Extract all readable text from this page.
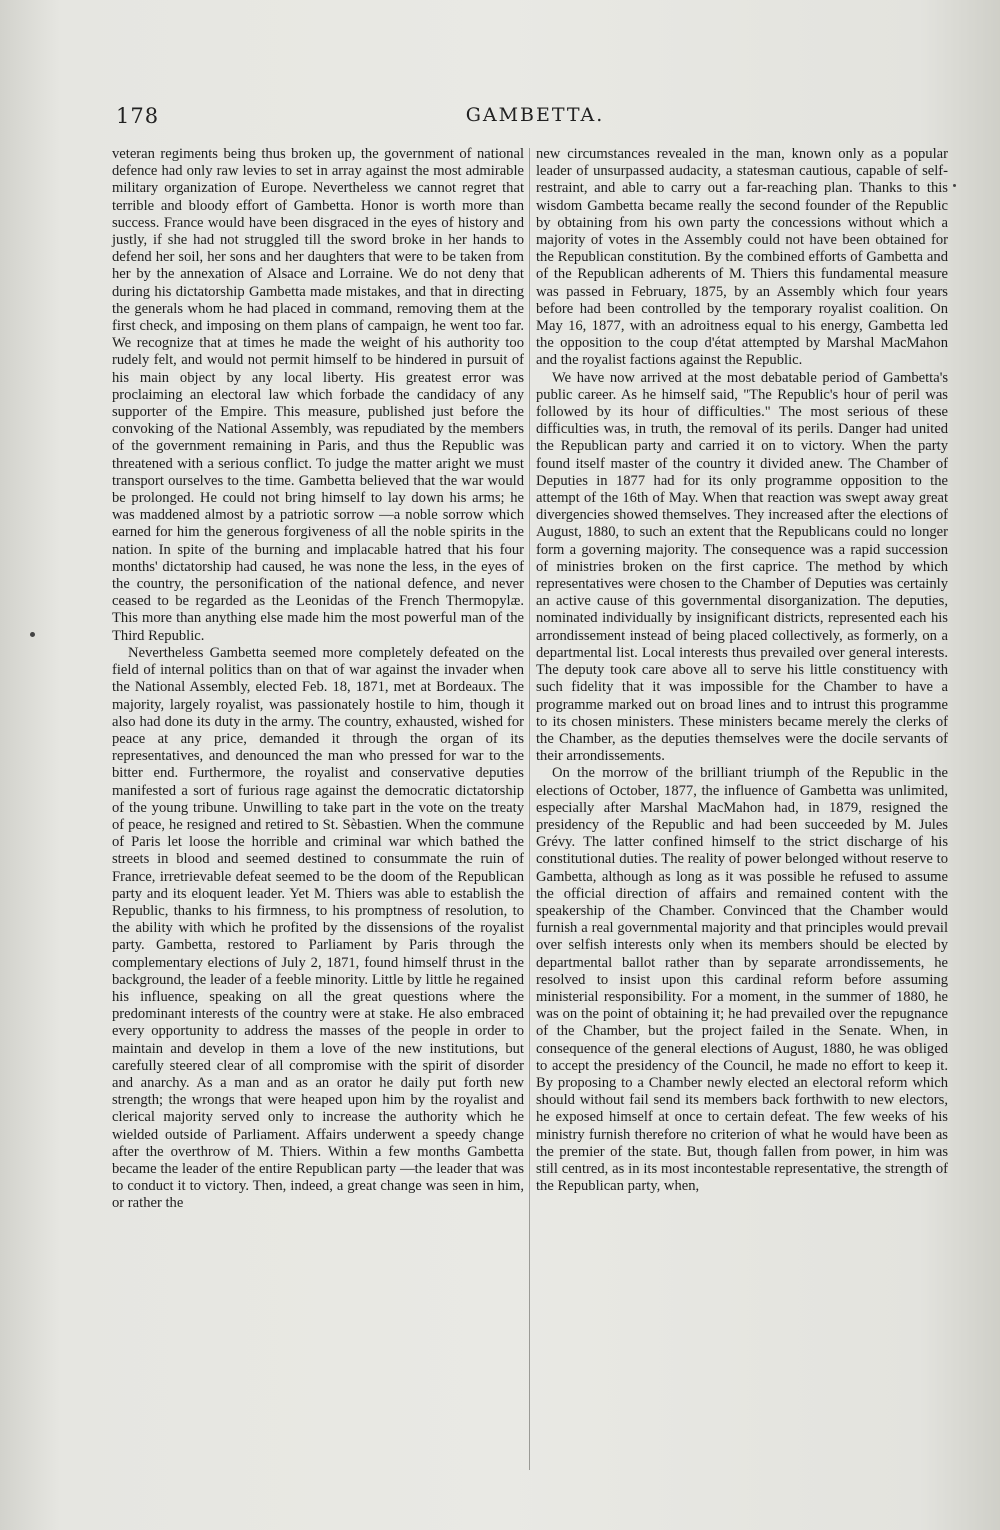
178	GAMBETTA.

veteran regiments being thus broken up, the government of national defence had only raw levies to set in array against the most admirable military organization of Europe. Nevertheless we cannot regret that terrible and bloody effort of Gambetta. Honor is worth more than success. France would have been disgraced in the eyes of history and justly, if she had not struggled till the sword broke in her hands to defend her soil, her sons and her daughters that were to be taken from her by the annexation of Alsace and Lorraine. We do not deny that during his dictatorship Gambetta made mistakes, and that in directing the generals whom he had placed in command, removing them at the first check, and imposing on them plans of campaign, he went too far. We recognize that at times he made the weight of his authority too rudely felt, and would not permit himself to be hindered in pursuit of his main object by any local liberty. His greatest error was proclaiming an electoral law which forbade the candidacy of any supporter of the Empire. This measure, published just before the convoking of the National Assembly, was repudiated by the members of the government remaining in Paris, and thus the Republic was threatened with a serious conflict. To judge the matter aright we must transport ourselves to the time. Gambetta believed that the war would be prolonged. He could not bring himself to lay down his arms; he was maddened almost by a patriotic sorrow —a noble sorrow which earned for him the generous forgiveness of all the noble spirits in the nation. In spite of the burning and implacable hatred that his four months' dictatorship had caused, he was none the less, in the eyes of the country, the personification of the national defence, and never ceased to be regarded as the Leonidas of the French Thermopylæ. This more than anything else made him the most powerful man of the Third Republic.

Nevertheless Gambetta seemed more completely defeated on the field of internal politics than on that of war against the invader when the National Assembly, elected Feb. 18, 1871, met at Bordeaux. The majority, largely royalist, was passionately hostile to him, though it also had done its duty in the army. The country, exhausted, wished for peace at any price, demanded it through the organ of its representatives, and denounced the man who pressed for war to the bitter end. Furthermore, the royalist and conservative deputies manifested a sort of furious rage against the democratic dictatorship of the young tribune. Unwilling to take part in the vote on the treaty of peace, he resigned and retired to St. Sèbastien. When the commune of Paris let loose the horrible and criminal war which bathed the streets in blood and seemed destined to consummate the ruin of France, irretrievable defeat seemed to be the doom of the Republican party and its eloquent leader. Yet M. Thiers was able to establish the Republic, thanks to his firmness, to his promptness of resolution, to the ability with which he profited by the dissensions of the royalist party. Gambetta, restored to Parliament by Paris through the complementary elections of July 2, 1871, found himself thrust in the background, the leader of a feeble minority. Little by little he regained his influence, speaking on all the great questions where the predominant interests of the country were at stake. He also embraced every opportunity to address the masses of the people in order to maintain and develop in them a love of the new institutions, but carefully steered clear of all compromise with the spirit of disorder and anarchy. As a man and as an orator he daily put forth new strength; the wrongs that were heaped upon him by the royalist and clerical majority served only to increase the authority which he wielded outside of Parliament. Affairs underwent a speedy change after the overthrow of M. Thiers. Within a few months Gambetta became the leader of the entire Republican party —the leader that was to conduct it to victory. Then, indeed, a great change was seen in him, or rather the

new circumstances revealed in the man, known only as a popular leader of unsurpassed audacity, a statesman cautious, capable of self-restraint, and able to carry out a far-reaching plan. Thanks to this wisdom Gambetta became really the second founder of the Republic by obtaining from his own party the concessions without which a majority of votes in the Assembly could not have been obtained for the Republican constitution. By the combined efforts of Gambetta and of the Republican adherents of M. Thiers this fundamental measure was passed in February, 1875, by an Assembly which four years before had been controlled by the temporary royalist coalition. On May 16, 1877, with an adroitness equal to his energy, Gambetta led the opposition to the coup d'état attempted by Marshal MacMahon and the royalist factions against the Republic.

We have now arrived at the most debatable period of Gambetta's public career. As he himself said, "The Republic's hour of peril was followed by its hour of difficulties." The most serious of these difficulties was, in truth, the removal of its perils. Danger had united the Republican party and carried it on to victory. When the party found itself master of the country it divided anew. The Chamber of Deputies in 1877 had for its only programme opposition to the attempt of the 16th of May. When that reaction was swept away great divergencies showed themselves. They increased after the elections of August, 1880, to such an extent that the Republicans could no longer form a governing majority. The consequence was a rapid succession of ministries broken on the first caprice. The method by which representatives were chosen to the Chamber of Deputies was certainly an active cause of this governmental disorganization. The deputies, nominated individually by insignificant districts, represented each his arrondissement instead of being placed collectively, as formerly, on a departmental list. Local interests thus prevailed over general interests. The deputy took care above all to serve his little constituency with such fidelity that it was impossible for the Chamber to have a programme marked out on broad lines and to intrust this programme to its chosen ministers. These ministers became merely the clerks of the Chamber, as the deputies themselves were the docile servants of their arrondissements.

On the morrow of the brilliant triumph of the Republic in the elections of October, 1877, the influence of Gambetta was unlimited, especially after Marshal MacMahon had, in 1879, resigned the presidency of the Republic and had been succeeded by M. Jules Grévy. The latter confined himself to the strict discharge of his constitutional duties. The reality of power belonged without reserve to Gambetta, although as long as it was possible he refused to assume the official direction of affairs and remained content with the speakership of the Chamber. Convinced that the Chamber would furnish a real governmental majority and that principles would prevail over selfish interests only when its members should be elected by departmental ballot rather than by separate arrondissements, he resolved to insist upon this cardinal reform before assuming ministerial responsibility. For a moment, in the summer of 1880, he was on the point of obtaining it; he had prevailed over the repugnance of the Chamber, but the project failed in the Senate. When, in consequence of the general elections of August, 1880, he was obliged to accept the presidency of the Council, he made no effort to keep it. By proposing to a Chamber newly elected an electoral reform which should without fail send its members back forthwith to new electors, he exposed himself at once to certain defeat. The few weeks of his ministry furnish therefore no criterion of what he would have been as the premier of the state. But, though fallen from power, in him was still centred, as in its most incontestable representative, the strength of the Republican party, when,
